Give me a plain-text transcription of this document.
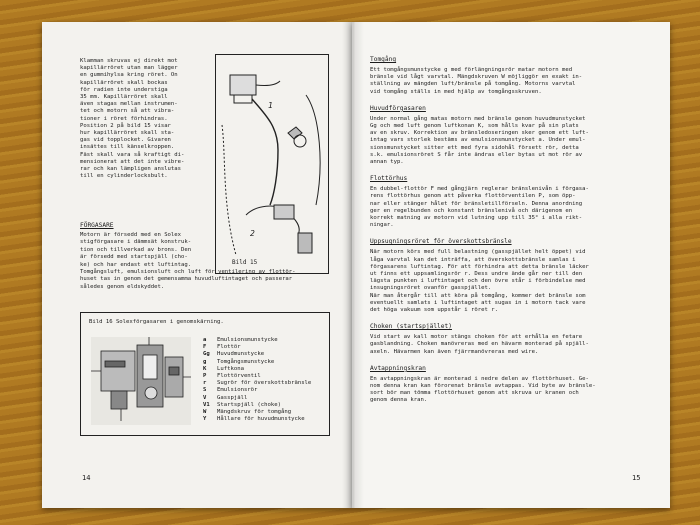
Klamman skruvas ej direkt mot
kapillärröret utan man lägger
en gummihylsa kring röret. On
kapillärröret skall bockas
för radien inte understiga
35 mm. Kapillärröret skall
även stagas mellan instrumen-
tet och motorn så att vibra-
tioner i röret förhindras.
Position 2 på bild 15 visar
hur kapillärröret skall sta-
gas vid topplocket. Givaren
insättes till känselkroppen.
Fäst skall vara så kraftigt di-
mensionerat att det inte vibre-
rar och kan lämpligen anslutas
till en cylinderlocksbult.
1
2
Bild 15
FÖRGASARE
Motorn är försedd med en Solex
stigförgasare i dämmsät konstruk-
tion och tillverkad av brons. Den
är försedd med startspjäll (cho-
ke) och har endast ett luftintag.
Tomgångsluft, emulsionsluft och luft för ventilering av flottör-
huset tas in genom det gemensamma huvudluftintaget och passerar
således genom eldskyddet.
Bild 16 Solexförgasaren i genomskärning.
a Emulsionsmunstycke
F Flottör
Gg Huvudmunstycke
g Tomgångsmunstycke
K Luftkona
P Flottörventil
r Sugrör för överskottsbränsle
S Emulsionsrör
V Gasspjäll
V1 Startspjäll (choke)
W Mängdskruv för tomgång
Y Hållare för huvudmunstycke
14
Tomgång
Ett tomgångsmunstycke g med förlängningsrör matar motorn med
bränsle vid lågt varvtal. Mängdskruven W möjliggör en exakt in-
ställning av mängden luft/bränsle på tomgång. Motorns varvtal
vid tomgång ställs in med hjälp av tomgångsskruven.
Huvudförgasaren
Under normal gång matas motorn med bränsle genom huvudmunstycket
Gg och med luft genom luftkonan K, som hålls kvar på sin plats
av en skruv. Korrektion av bränsledoseringen sker genom ett luft-
intag vars storlek bestäms av emulsionsmunstycket a. Under emul-
sionsmunstycket sitter ett med fyra sidohål försett rör, detta
s.k. emulsionsröret S får inte ändras eller bytas ut mot rör av
annan typ.
Flottörhus
En dubbel-flottör F med gångjärn reglerar bränslenivån i förgasa-
rens flottörhus genom att påverka flottörventilen P, som öpp-
nar eller stänger hålet för bränsletillförseln. Denna anordning
ger en regelbunden och konstant bränslenivå och därigenom en
korrekt matning av motorn vid lutning upp till 35° i alla rikt-
ningar.
Uppsugningsröret för överskottsbränsle
När motorn körs med full belastning (gasspjället helt öppet) vid
låga varvtal kan det inträffa, att överskottsbränsle samlas i
förgasarens luftintag. För att förhindra att detta bränsle läcker
ut finns ett uppsamlingsrör r. Dess undre ände går ner till den
lägsta punkten i luftintaget och den övre står i förbindelse med
insugningsröret ovanför gasspjället.
När man återgår till att köra på tomgång, kommer det bränsle som
eventuellt samlats i luftintaget att sugas in i motorn tack vare
det höga vakuum som uppstår i röret r.
Choken (startspjället)
Vid start av kall motor stängs choken för att erhålla en fetare
gasblandning. Choken manövreras med en hävarm monterad på spjäll-
axeln. Hävarmen kan även fjärrmanövreras med wire.
Avtappningskran
En avtappningskran är monterad i nedre delen av flottörhuset. Ge-
nom denna kran kan förorenat bränsle avtappas. Vid byte av bränsle-
sort bör man tömma flottörhuset genom att skruva ur kranen och
genom denna kran.
15
